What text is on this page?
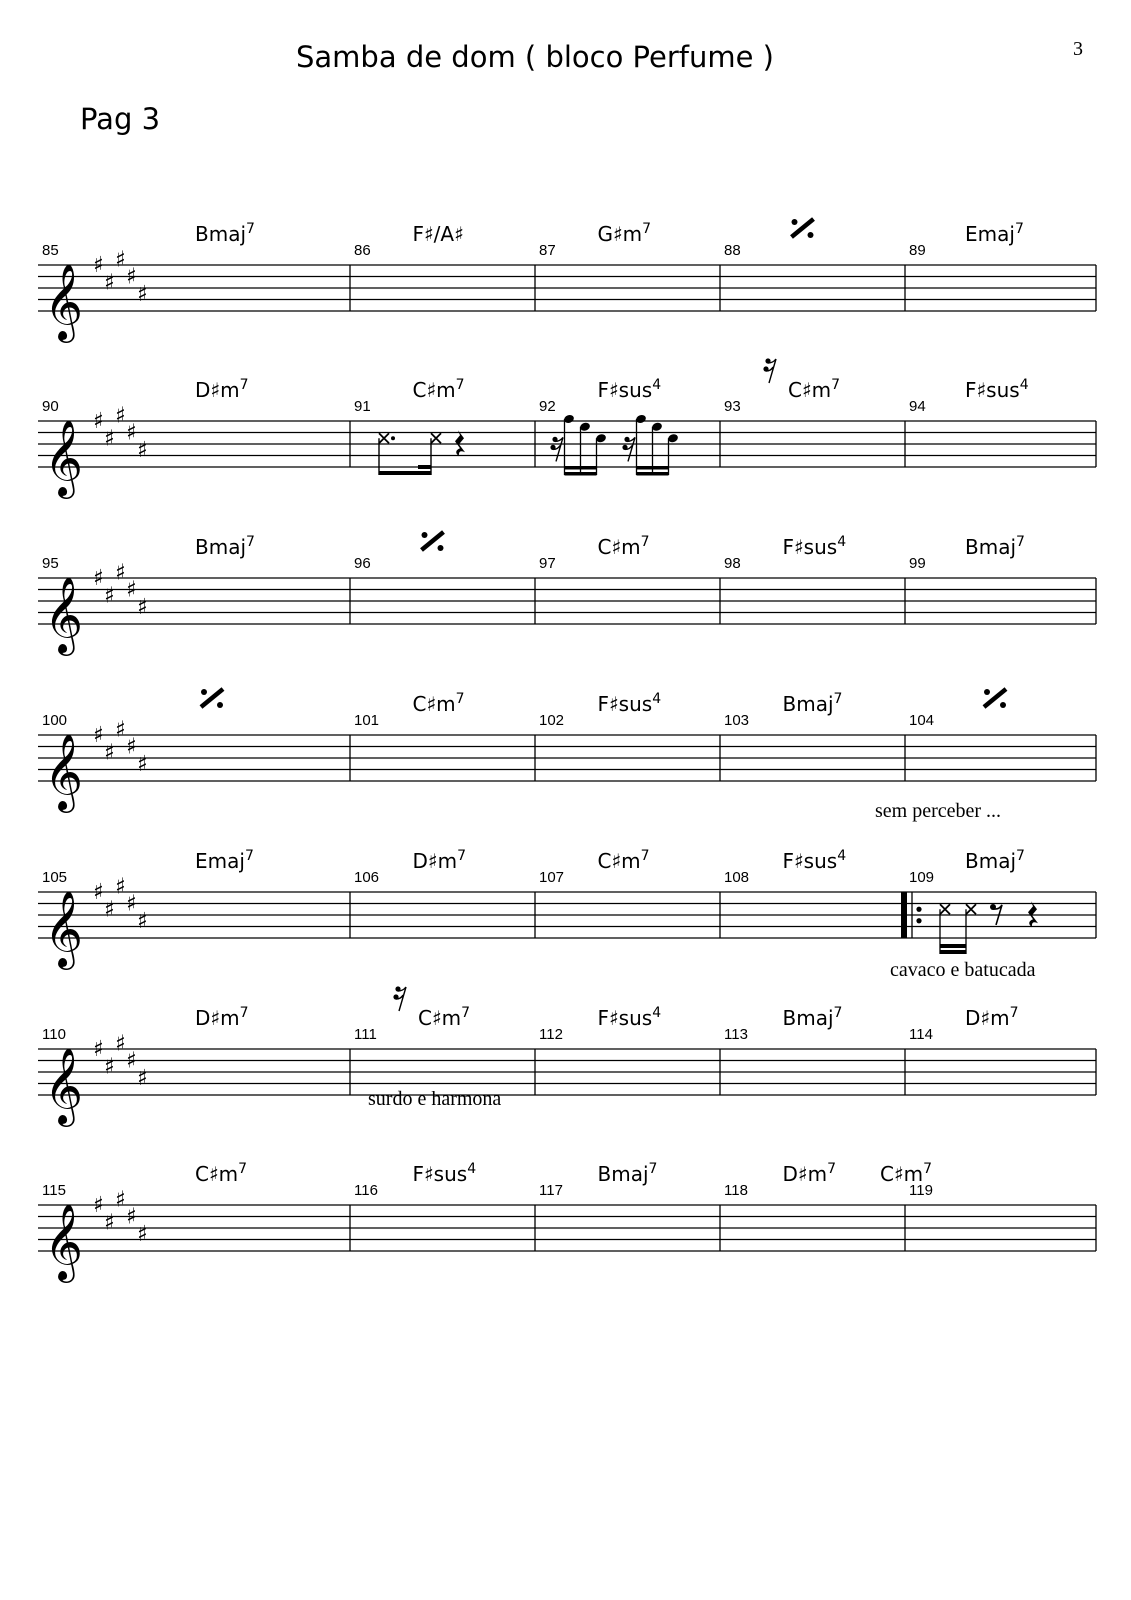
Samba de dom ( bloco Perfume )	3
Pag 3
𝄞 ♯
♯
♯
♯
♯
85
Bmaj$^7$
86
F♯/A♯
87
$G♯m^7$
88	89
Emaj$^7$
𝄞 ♯
♯
♯
♯
♯
90
$D♯m^7$
91
$C♯m^7$
92
F♯sus$^4$
93
$C♯m^7$
94
F♯sus$^4$
𝄞 ♯
♯
♯
♯
♯
95
Bmaj$^7$
96	97
$C♯m^7$
98
F♯sus$^4$
99
Bmaj$^7$
𝄞 ♯
♯
♯
♯
♯
100	101
$C♯m^7$
102
F♯sus$^4$
103
Bmaj$^7$
104
sem perceber ...
𝄞 ♯
♯
♯
♯
♯
105
Emaj$^7$
106
$D♯m^7$
107
$C♯m^7$
108
F♯sus$^4$
109
Bmaj$^7$
cavaco e batucada
𝄞 ♯
♯
♯
♯
♯
110
$D♯m^7$
111
$C♯m^7$
surdo e harmona
112
F♯sus$^4$
113
Bmaj$^7$
114
$D♯m^7$
𝄞 ♯
♯
♯
♯
♯
115
$C♯m^7$
116
F♯sus$^4$
117
Bmaj$^7$
118
$D♯m^7$ $C♯m^7$
119
